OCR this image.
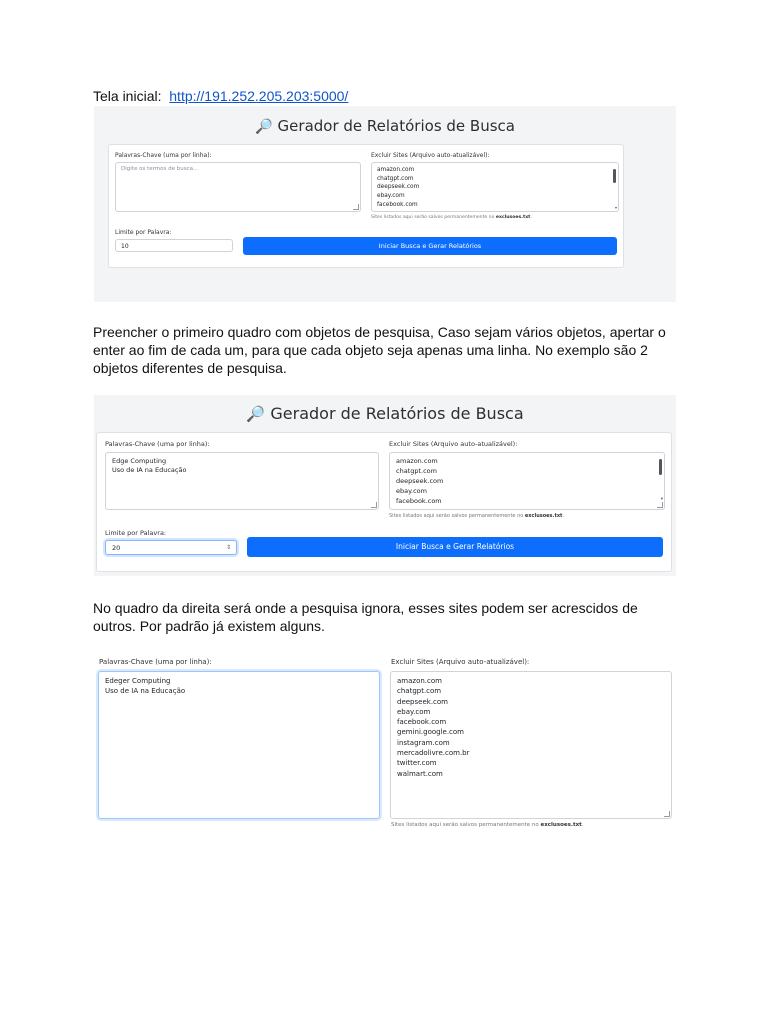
Tela inicial: http://191.252.205.203:5000/
🔎 Gerador de Relatórios de Busca
Palavras-Chave (uma por linha):
Digite os termos de busca...
Excluir Sites (Arquivo auto-atualizável):
amazon.com
chatgpt.com
deepseek.com
ebay.com
facebook.com	▾
Sites listados aqui serão salvos permanentemente no exclusoes.txt.
Limite por Palavra:
10	Iniciar Busca e Gerar Relatórios
Preencher o primeiro quadro com objetos de pesquisa, Caso sejam vários objetos, apertar o
enter ao fim de cada um, para que cada objeto seja apenas uma linha. No exemplo são 2
objetos diferentes de pesquisa.
🔎 Gerador de Relatórios de Busca
Palavras-Chave (uma por linha):
Edge Computing
Uso de IA na Educação
Excluir Sites (Arquivo auto-atualizável):
amazon.com
chatgpt.com
deepseek.com
ebay.com
facebook.com	▾
Sites listados aqui serão salvos permanentemente no exclusoes.txt.
Limite por Palavra:
20	⇕	Iniciar Busca e Gerar Relatórios
No quadro da direita será onde a pesquisa ignora, esses sites podem ser acrescidos de
outros. Por padrão já existem alguns.
Palavras-Chave (uma por linha):
Edeger Computing
Uso de IA na Educação
Excluir Sites (Arquivo auto-atualizável):
amazon.com
chatgpt.com
deepseek.com
ebay.com
facebook.com
gemini.google.com
instagram.com
mercadolivre.com.br
twitter.com
walmart.com
Sites listados aqui serão salvos permanentemente no exclusoes.txt.
